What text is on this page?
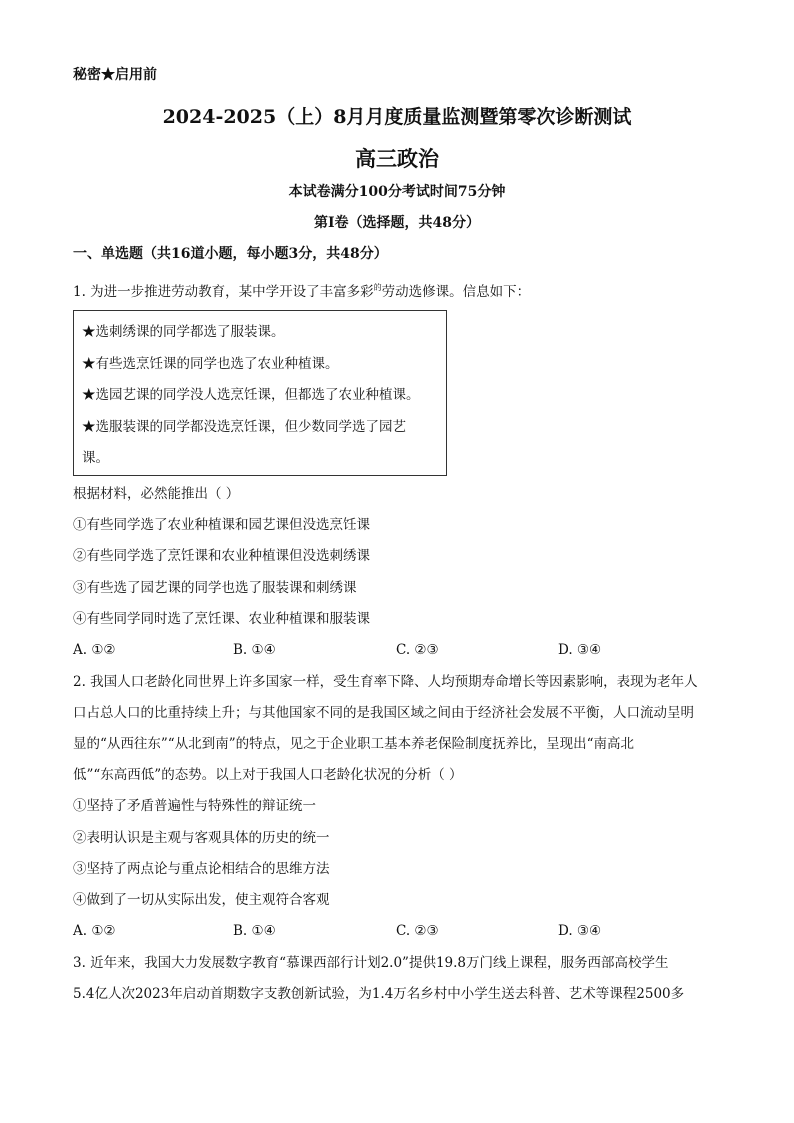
秘密★启用前
2024-2025（上）8月月度质量监测暨第零次诊断测试
高三政治
本试卷满分100分考试时间75分钟
第I卷（选择题，共48分）
一、单选题（共16道小题，每小题3分，共48分）
1. 为进一步推进劳动教育，某中学开设了丰富多彩$^的$劳动选修课。信息如下：
★选刺绣课的同学都选了服装课。
★有些选烹饪课的同学也选了农业种植课。
★选园艺课的同学没人选烹饪课，但都选了农业种植课。
★选服装课的同学都没选烹饪课，但少数同学选了园艺
课。
根据材料，必然能推出（ ）
①有些同学选了农业种植课和园艺课但没选烹饪课
②有些同学选了烹饪课和农业种植课但没选刺绣课
③有些选了园艺课的同学也选了服装课和刺绣课
④有些同学同时选了烹饪课、农业种植课和服装课
A. ①②	B. ①④	C. ②③	D. ③④
2. 我国人口老龄化同世界上许多国家一样，受生育率下降、人均预期寿命增长等因素影响，表现为老年人
口占总人口的比重持续上升；与其他国家不同的是我国区域之间由于经济社会发展不平衡，人口流动呈明
显的“从西往东”“从北到南”的特点，见之于企业职工基本养老保险制度抚养比，呈现出“南高北
低”“东高西低”的态势。以上对于我国人口老龄化状况的分析（ ）
①坚持了矛盾普遍性与特殊性的辩证统一
②表明认识是主观与客观具体的历史的统一
③坚持了两点论与重点论相结合的思维方法
④做到了一切从实际出发，使主观符合客观
A. ①②	B. ①④	C. ②③	D. ③④
3. 近年来，我国大力发展数字教育“慕课西部行计划2.0”提供19.8万门线上课程，服务西部高校学生
5.4亿人次2023年启动首期数字支教创新试验，为1.4万名乡村中小学生送去科普、艺术等课程2500多
